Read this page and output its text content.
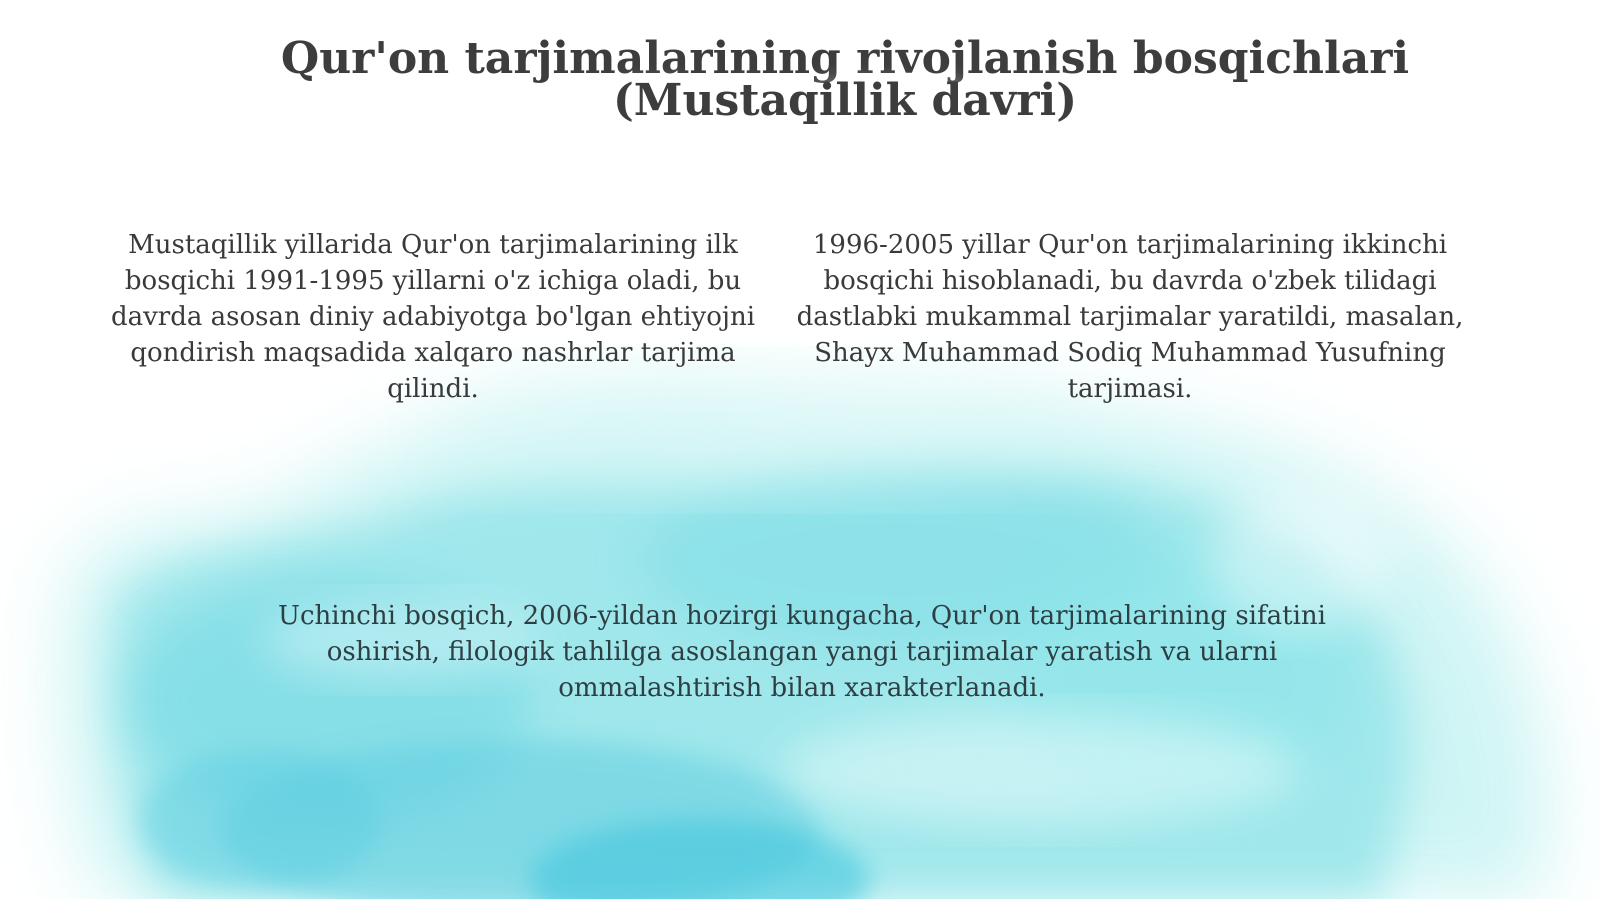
Qur'on tarjimalarining rivojlanish bosqichlari (Mustaqillik davri)

Mustaqillik yillarida Qur'on tarjimalarining ilk bosqichi 1991-1995 yillarni o'z ichiga oladi, bu davrda asosan diniy adabiyotga bo'lgan ehtiyojni qondirish maqsadida xalqaro nashrlar tarjima qilindi.

1996-2005 yillar Qur'on tarjimalarining ikkinchi bosqichi hisoblanadi, bu davrda o'zbek tilidagi dastlabki mukammal tarjimalar yaratildi, masalan, Shayx Muhammad Sodiq Muhammad Yusufning tarjimasi.

Uchinchi bosqich, 2006-yildan hozirgi kungacha, Qur'on tarjimalarining sifatini oshirish, filologik tahlilga asoslangan yangi tarjimalar yaratish va ularni ommalashtirish bilan xarakterlanadi.
